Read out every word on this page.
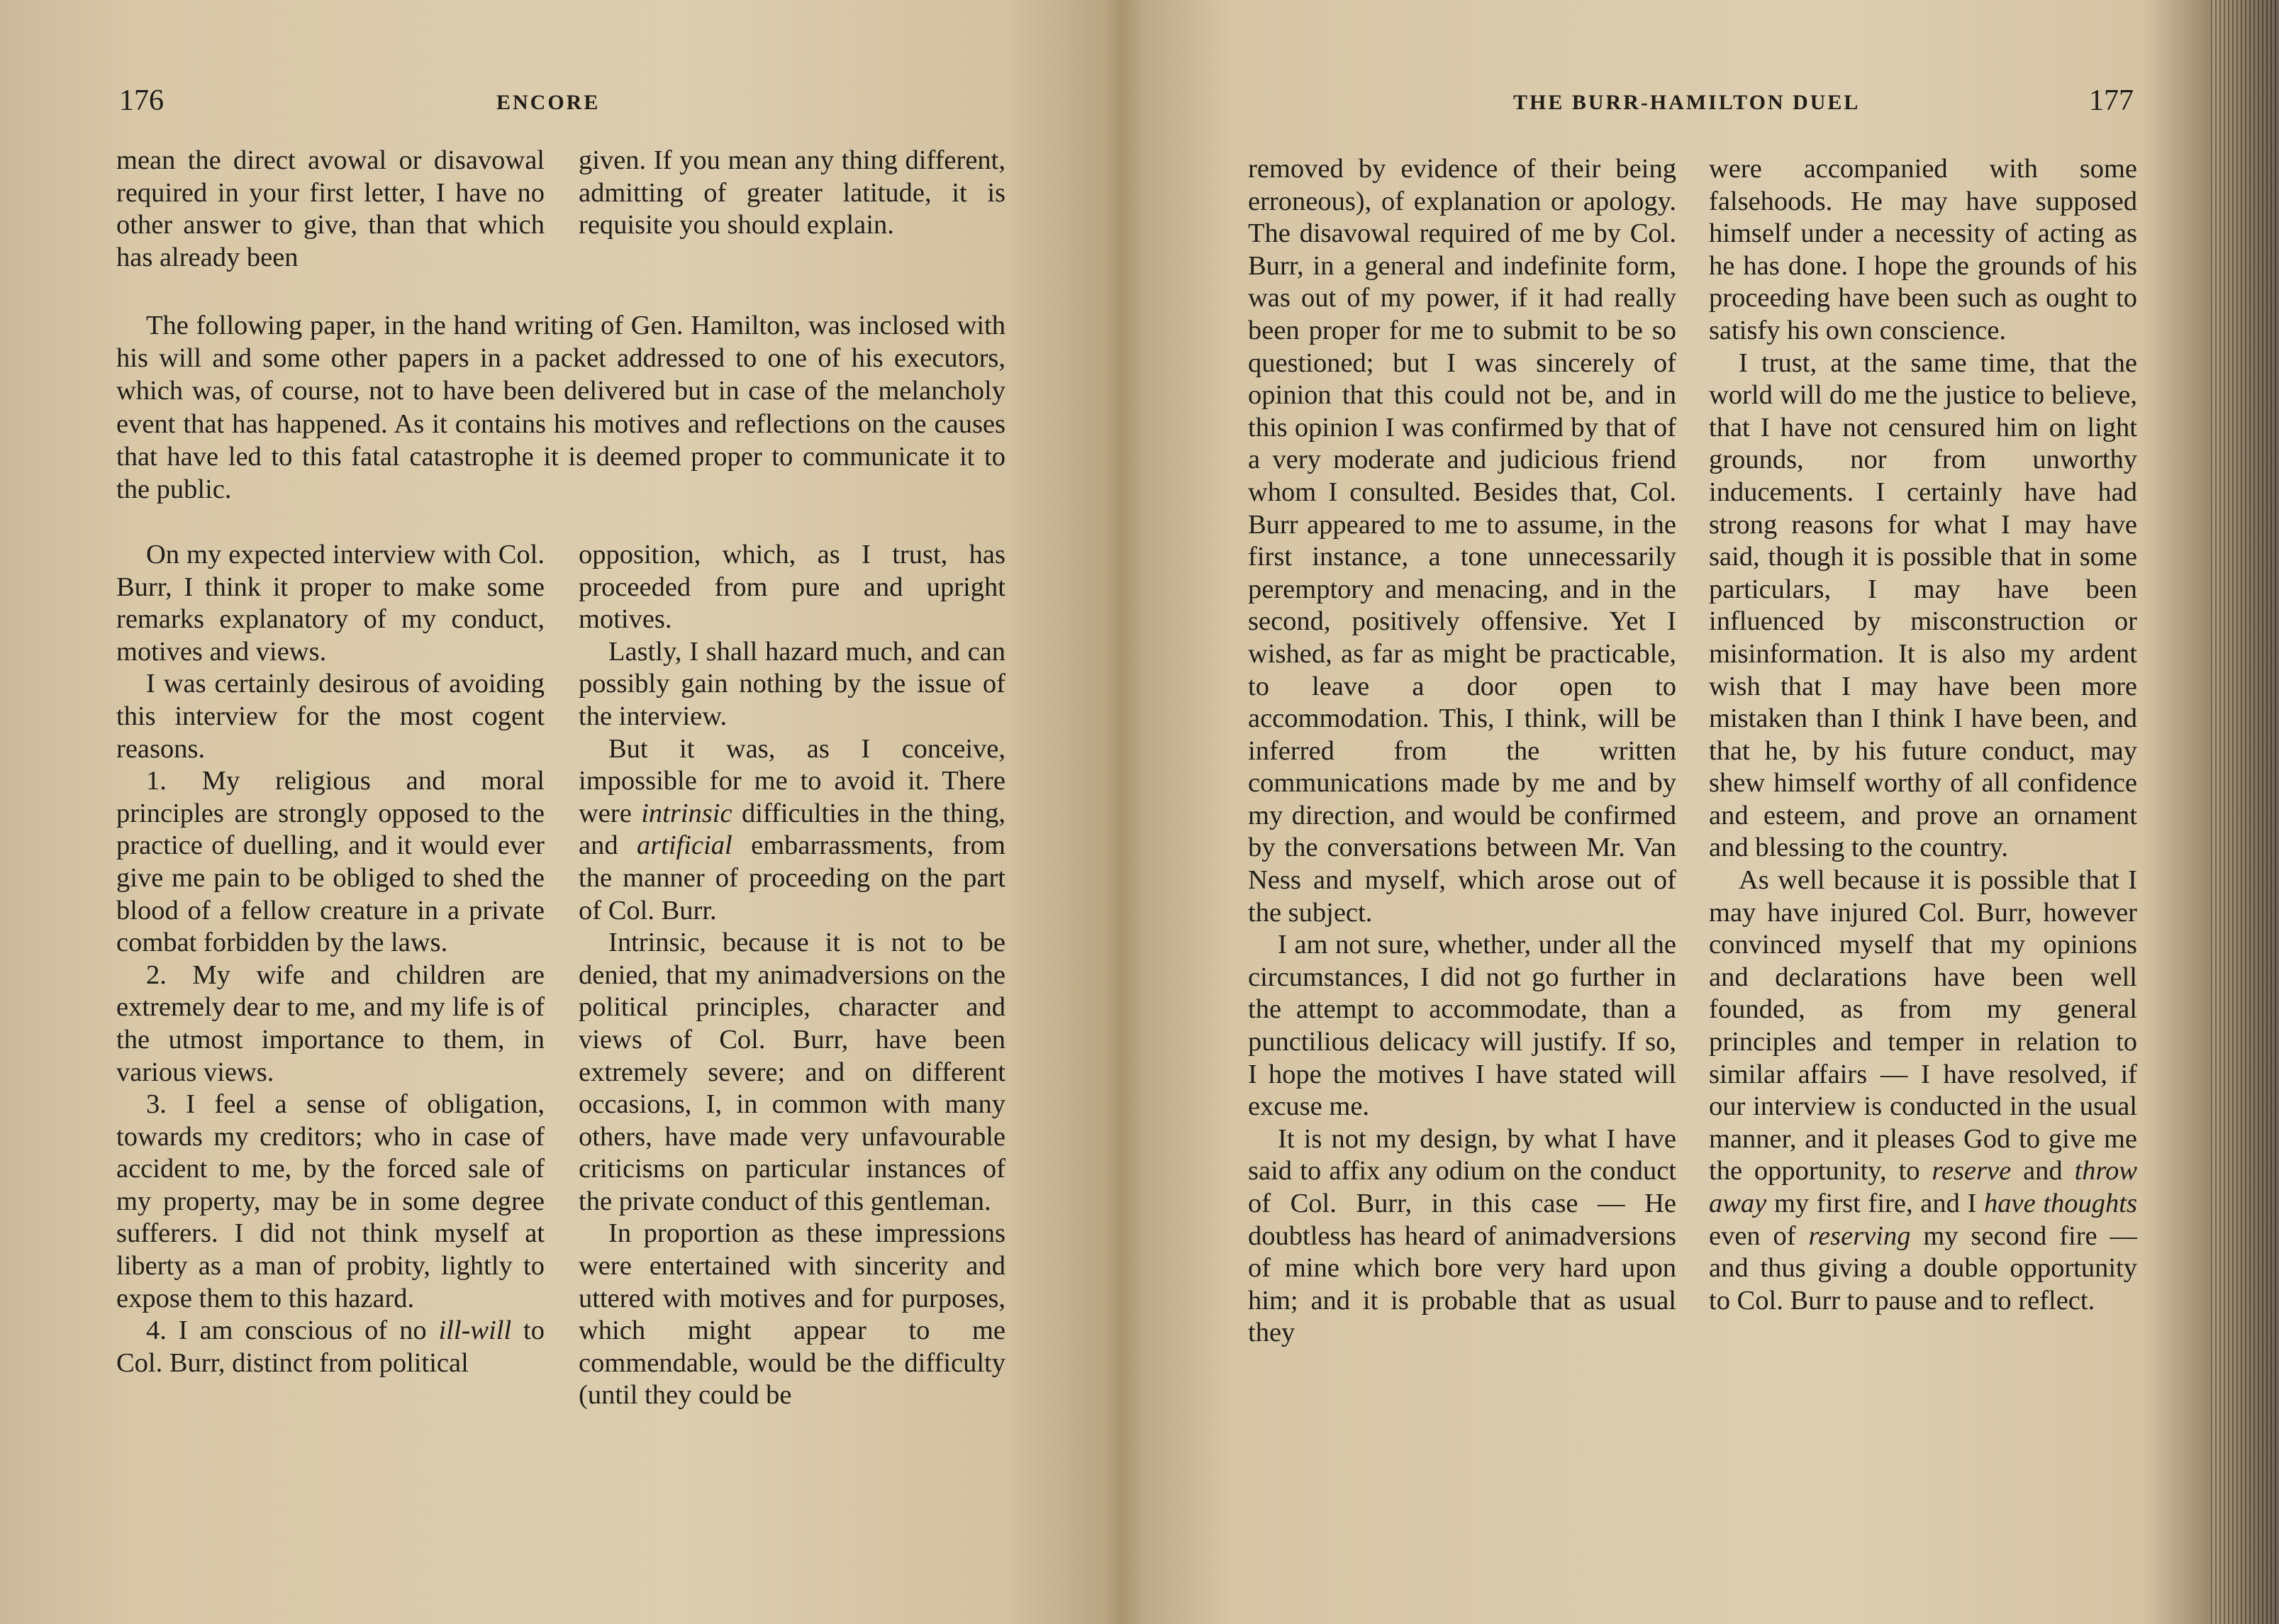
176	ENCORE

mean the direct avowal or disavowal required in your first letter, I have no other answer to give, than that which has already been

given. If you mean any thing different, admitting of greater latitude, it is requisite you should explain.

The following paper, in the hand writing of Gen. Hamilton, was inclosed with his will and some other papers in a packet addressed to one of his executors, which was, of course, not to have been delivered but in case of the melancholy event that has happened. As it contains his motives and reflections on the causes that have led to this fatal catastrophe it is deemed proper to communicate it to the public.

On my expected interview with Col. Burr, I think it proper to make some remarks explanatory of my conduct, motives and views.

I was certainly desirous of avoiding this interview for the most cogent reasons.

1. My religious and moral principles are strongly opposed to the practice of duelling, and it would ever give me pain to be obliged to shed the blood of a fellow creature in a private combat forbidden by the laws.

2. My wife and children are extremely dear to me, and my life is of the utmost importance to them, in various views.

3. I feel a sense of obligation, towards my creditors; who in case of accident to me, by the forced sale of my property, may be in some degree sufferers. I did not think myself at liberty as a man of probity, lightly to expose them to this hazard.

4. I am conscious of no ill-will to Col. Burr, distinct from political

opposition, which, as I trust, has proceeded from pure and upright motives.

Lastly, I shall hazard much, and can possibly gain nothing by the issue of the interview.

But it was, as I conceive, impossible for me to avoid it. There were intrinsic difficulties in the thing, and artificial embarrassments, from the manner of proceeding on the part of Col. Burr.

Intrinsic, because it is not to be denied, that my animadversions on the political principles, character and views of Col. Burr, have been extremely severe; and on different occasions, I, in common with many others, have made very unfavourable criticisms on particular instances of the private conduct of this gentleman.

In proportion as these impressions were entertained with sincerity and uttered with motives and for purposes, which might appear to me commendable, would be the difficulty (until they could be

THE BURR-HAMILTON DUEL	177

removed by evidence of their being erroneous), of explanation or apology. The disavowal required of me by Col. Burr, in a general and indefinite form, was out of my power, if it had really been proper for me to submit to be so questioned; but I was sincerely of opinion that this could not be, and in this opinion I was confirmed by that of a very moderate and judicious friend whom I consulted. Besides that, Col. Burr appeared to me to assume, in the first instance, a tone unnecessarily peremptory and menacing, and in the second, positively offensive. Yet I wished, as far as might be practicable, to leave a door open to accommodation. This, I think, will be inferred from the written communications made by me and by my direction, and would be confirmed by the conversations between Mr. Van Ness and myself, which arose out of the subject.

I am not sure, whether, under all the circumstances, I did not go further in the attempt to accommodate, than a punctilious delicacy will justify. If so, I hope the motives I have stated will excuse me.

It is not my design, by what I have said to affix any odium on the conduct of Col. Burr, in this case — He doubtless has heard of animadversions of mine which bore very hard upon him; and it is probable that as usual they

were accompanied with some falsehoods. He may have supposed himself under a necessity of acting as he has done. I hope the grounds of his proceeding have been such as ought to satisfy his own conscience.

I trust, at the same time, that the world will do me the justice to believe, that I have not censured him on light grounds, nor from unworthy inducements. I certainly have had strong reasons for what I may have said, though it is possible that in some particulars, I may have been influenced by misconstruction or misinformation. It is also my ardent wish that I may have been more mistaken than I think I have been, and that he, by his future conduct, may shew himself worthy of all confidence and esteem, and prove an ornament and blessing to the country.

As well because it is possible that I may have injured Col. Burr, however convinced myself that my opinions and declarations have been well founded, as from my general principles and temper in relation to similar affairs — I have resolved, if our interview is conducted in the usual manner, and it pleases God to give me the opportunity, to reserve and throw away my first fire, and I have thoughts even of reserving my second fire — and thus giving a double opportunity to Col. Burr to pause and to reflect.
